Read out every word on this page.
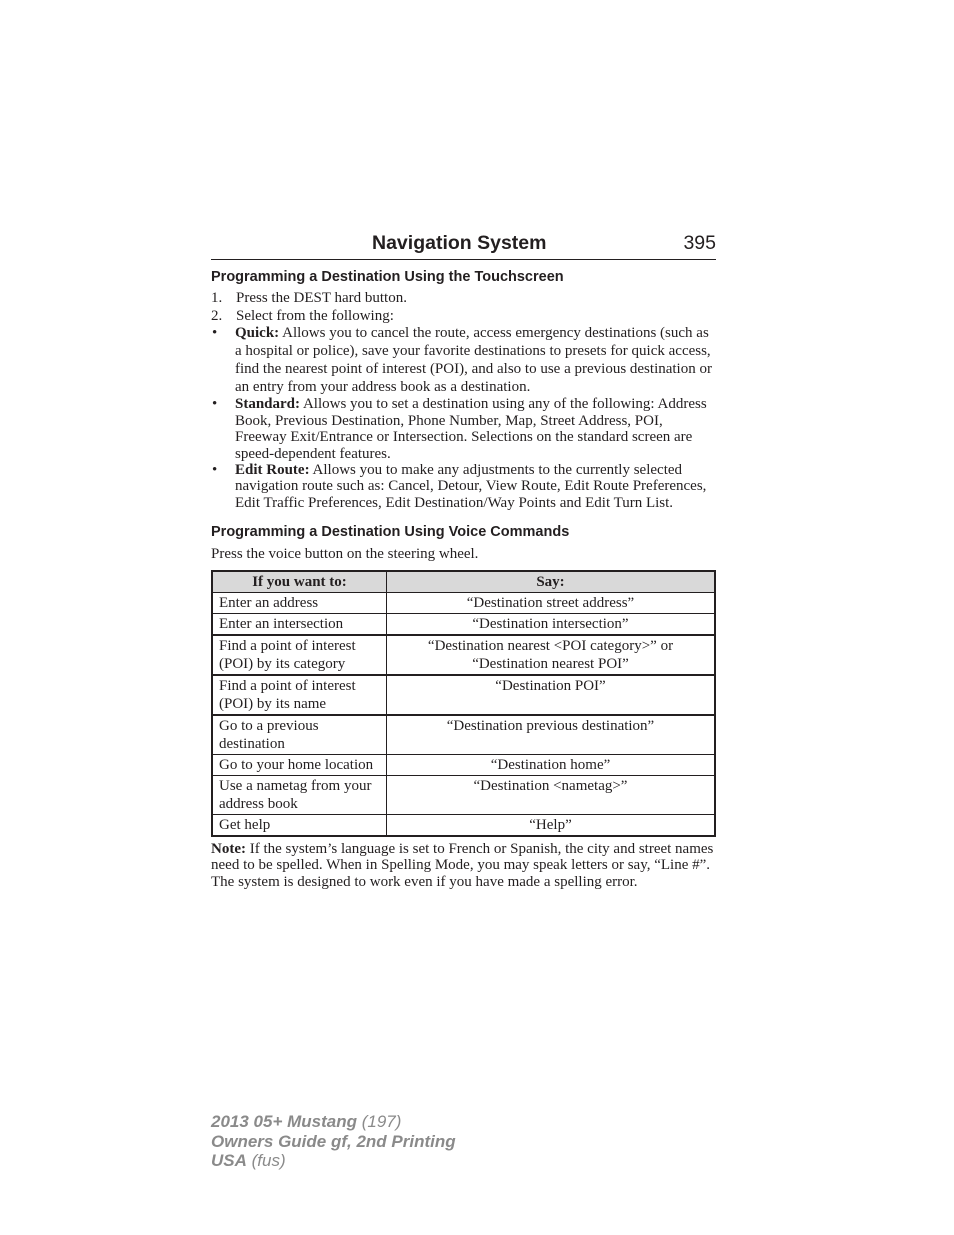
Navigation System	395
Programming a Destination Using the Touchscreen
1. Press the DEST hard button.
2. Select from the following:
• Quick: Allows you to cancel the route, access emergency destinations (such as a hospital or police), save your favorite destinations to presets for quick access, find the nearest point of interest (POI), and also to use a previous destination or an entry from your address book as a destination.
• Standard: Allows you to set a destination using any of the following: Address Book, Previous Destination, Phone Number, Map, Street Address, POI, Freeway Exit/Entrance or Intersection. Selections on the standard screen are speed-dependent features.
• Edit Route: Allows you to make any adjustments to the currently selected navigation route such as: Cancel, Detour, View Route, Edit Route Preferences, Edit Traffic Preferences, Edit Destination/Way Points and Edit Turn List.
Programming a Destination Using Voice Commands
Press the voice button on the steering wheel.
If you want to:	Say:
Enter an address	“Destination street address”
Enter an intersection	“Destination intersection”
Find a point of interest (POI) by its category	“Destination nearest <POI category>” or “Destination nearest POI”
Find a point of interest (POI) by its name	“Destination POI”
Go to a previous destination	“Destination previous destination”
Go to your home location	“Destination home”
Use a nametag from your address book	“Destination <nametag>”
Get help	“Help”
Note: If the system’s language is set to French or Spanish, the city and street names need to be spelled. When in Spelling Mode, you may speak letters or say, “Line #”. The system is designed to work even if you have made a spelling error.
2013 05+ Mustang (197)
Owners Guide gf, 2nd Printing
USA (fus)
